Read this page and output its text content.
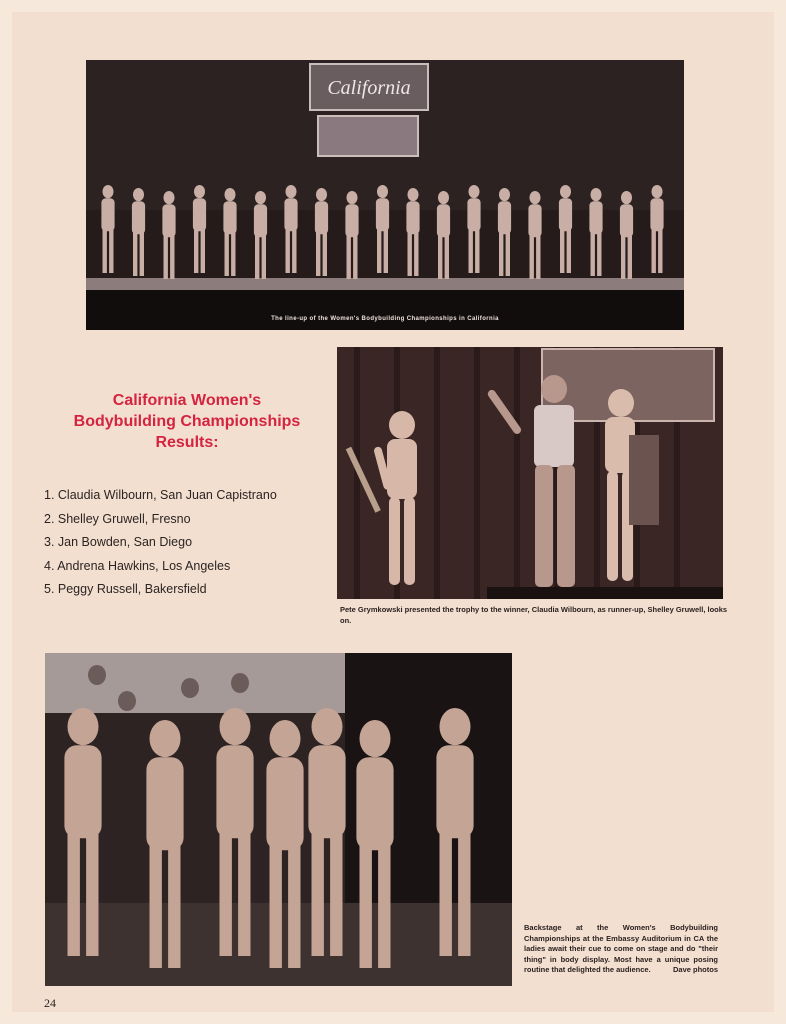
California
The line-up of the Women's Bodybuilding Championships in California
California Women's
Bodybuilding Championships
Results:
1. Claudia Wilbourn, San Juan Capistrano
2. Shelley Gruwell, Fresno
3. Jan Bowden, San Diego
4. Andrena Hawkins, Los Angeles
5. Peggy Russell, Bakersfield
Pete Grymkowski presented the trophy to the winner, Claudia Wilbourn, as runner-up, Shelley Gruwell, looks on.
Backstage at the Women's Bodybuilding Championships at the Embassy Auditorium in CA the ladies await their cue to come on stage and do "their thing" in body display. Most have a unique posing routine that delighted the audience.	Dave photos
24
